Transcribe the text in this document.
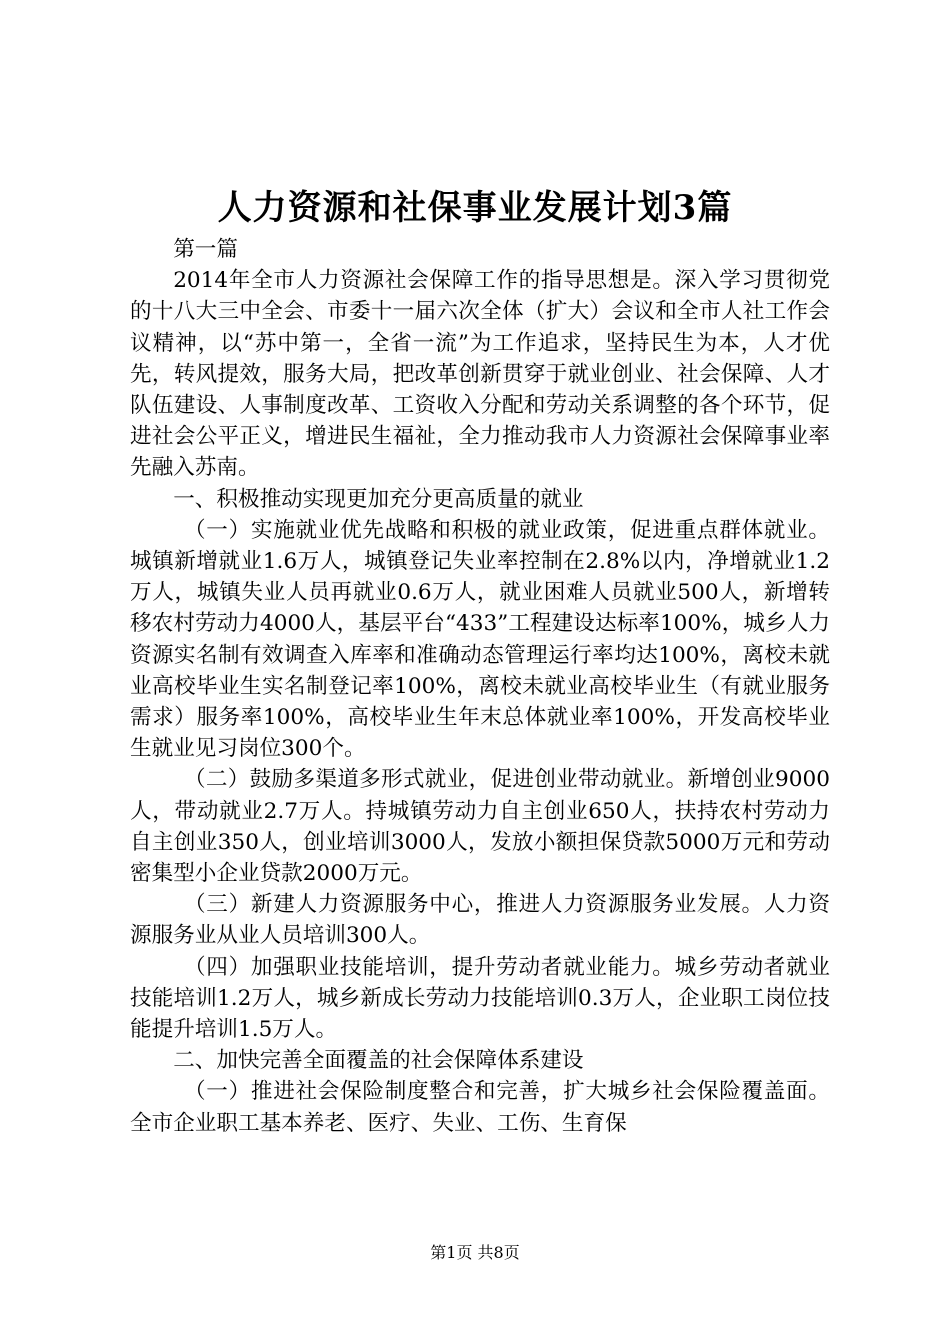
人力资源和社保事业发展计划3篇

第一篇

2014年全市人力资源社会保障工作的指导思想是。深入学习贯彻党的十八大三中全会、市委十一届六次全体（扩大）会议和全市人社工作会议精神，以“苏中第一，全省一流”为工作追求，坚持民生为本，人才优先，转风提效，服务大局，把改革创新贯穿于就业创业、社会保障、人才队伍建设、人事制度改革、工资收入分配和劳动关系调整的各个环节，促进社会公平正义，增进民生福祉，全力推动我市人力资源社会保障事业率先融入苏南。

一、积极推动实现更加充分更高质量的就业

（一）实施就业优先战略和积极的就业政策，促进重点群体就业。城镇新增就业1.6万人，城镇登记失业率控制在2.8%以内，净增就业1.2万人，城镇失业人员再就业0.6万人，就业困难人员就业500人，新增转移农村劳动力4000人，基层平台“433”工程建设达标率100%，城乡人力资源实名制有效调查入库率和准确动态管理运行率均达100%，离校未就业高校毕业生实名制登记率100%，离校未就业高校毕业生（有就业服务需求）服务率100%，高校毕业生年末总体就业率100%，开发高校毕业生就业见习岗位300个。

（二）鼓励多渠道多形式就业，促进创业带动就业。新增创业9000人，带动就业2.7万人。持城镇劳动力自主创业650人，扶持农村劳动力自主创业350人，创业培训3000人，发放小额担保贷款5000万元和劳动密集型小企业贷款2000万元。

（三）新建人力资源服务中心，推进人力资源服务业发展。人力资源服务业从业人员培训300人。

（四）加强职业技能培训，提升劳动者就业能力。城乡劳动者就业技能培训1.2万人，城乡新成长劳动力技能培训0.3万人，企业职工岗位技能提升培训1.5万人。

二、加快完善全面覆盖的社会保障体系建设

（一）推进社会保险制度整合和完善，扩大城乡社会保险覆盖面。全市企业职工基本养老、医疗、失业、工伤、生育保

第1页 共8页
